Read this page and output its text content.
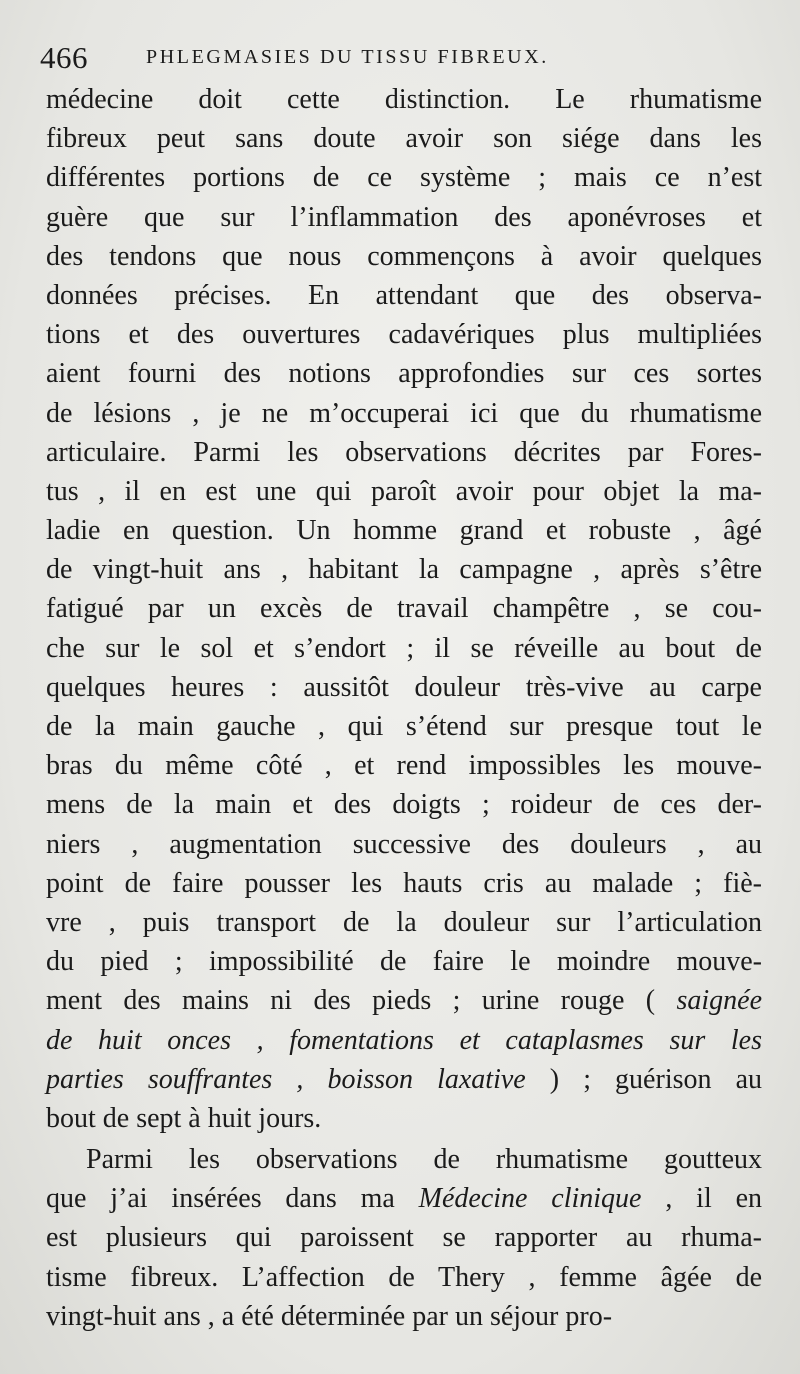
466	PHLEGMASIES DU TISSU FIBREUX.
médecine doit cette distinction. Le rhumatisme
fibreux peut sans doute avoir son siége dans les
différentes portions de ce système ; mais ce n’est
guère que sur l’inflammation des aponévroses et
des tendons que nous commençons à avoir quelques
données précises. En attendant que des observa-
tions et des ouvertures cadavériques plus multipliées
aient fourni des notions approfondies sur ces sortes
de lésions , je ne m’occuperai ici que du rhumatisme
articulaire. Parmi les observations décrites par Fores-
tus , il en est une qui paroît avoir pour objet la ma-
ladie en question. Un homme grand et robuste , âgé
de vingt-huit ans , habitant la campagne , après s’être
fatigué par un excès de travail champêtre , se cou-
che sur le sol et s’endort ; il se réveille au bout de
quelques heures : aussitôt douleur très-vive au carpe
de la main gauche , qui s’étend sur presque tout le
bras du même côté , et rend impossibles les mouve-
mens de la main et des doigts ; roideur de ces der-
niers , augmentation successive des douleurs , au
point de faire pousser les hauts cris au malade ; fiè-
vre , puis transport de la douleur sur l’articulation
du pied ; impossibilité de faire le moindre mouve-
ment des mains ni des pieds ; urine rouge ( saignée
de huit onces , fomentations et cataplasmes sur les
parties souffrantes , boisson laxative ) ; guérison au
bout de sept à huit jours.
Parmi les observations de rhumatisme goutteux
que j’ai insérées dans ma Médecine clinique , il en
est plusieurs qui paroissent se rapporter au rhuma-
tisme fibreux. L’affection de Thery , femme âgée de
vingt-huit ans , a été déterminée par un séjour pro-
